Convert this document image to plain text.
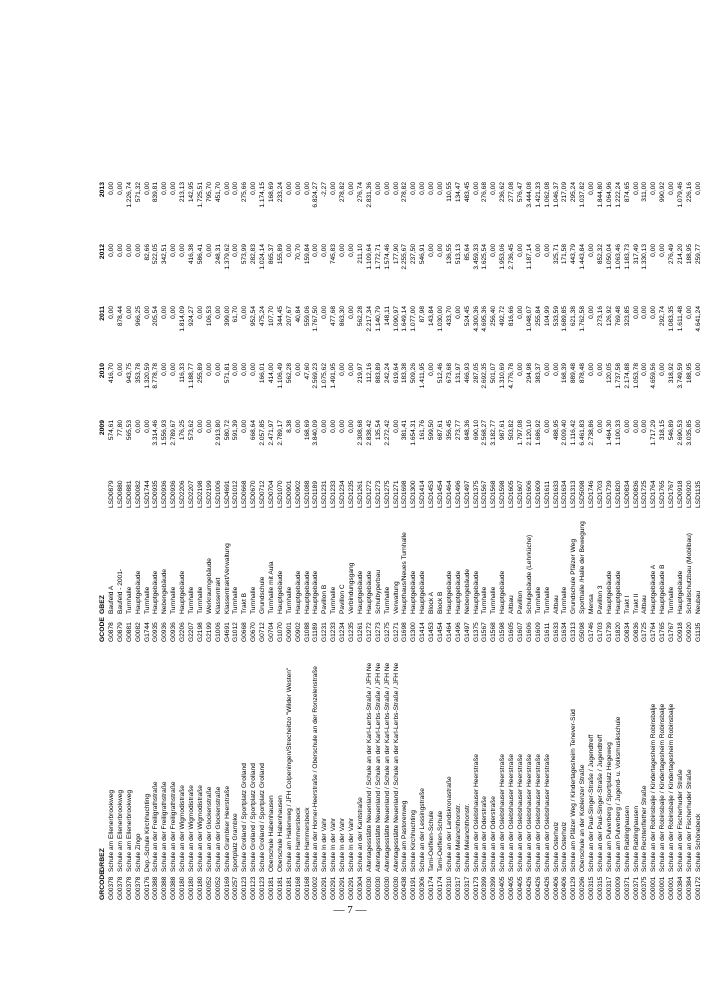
GRCODE
GRBEZ
GCODE
GBEZ
2009
2010
2011
2012
2013
G00378
Schule am Ellenerbrookweg
G0878
Baufeld A
LSD0879
574,61
416,70
0,00
0,00
0,00
G00378
Schule am Ellenerbrookweg
G0879
Baufeld - 2001-
LSD0880
77,80
0,00
878,44
0,00
0,00
G00378
Schule am Ellenerbrookweg
G0881
Turnhalle
LSD0881
565,53
943,75
0,00
0,00
1.226,74
G00378
Schule Zingo
G0082
Hauptgebäude
LSD0082
0,00
353,78
966,25
0,00
571,32
G00176
Dep.-Schule Kirchhuchting
G1744
Turnhalle
LSD1744
0,00
1.320,59
0,00
82,66
0,00
G00388
Schule an der Freiligrathstraße
G0935
Hauptgebäude
LSD0935
3.314,46
8.778,78
205,54
522,05
839,81
G00388
Schule an der Freiligrathstraße
G0936
Nebengebäude
LSD0936
1.556,93
0,00
0,00
342,51
0,00
G00388
Schule an der Freiligrathstraße
G0936
Turnhalle
LSD0936
2.789,67
0,00
0,00
0,00
0,00
G00180
Schule an der Wigmodistraße
G2206
Hauptgebäude
LSD2206
176,25
116,33
1.814,09
0,00
213,13
G00180
Schule an der Wigmodistraße
G2207
Turnhalle
LSD2207
573,62
1.188,77
924,27
416,38
142,95
G00180
Schule an der Wigmodistraße
G2198
Turnhalle
LSD2198
0,00
255,89
0,00
586,41
1.725,51
G00052
Schule an der Glockenstraße
G2199
Werkraumgebäude
LSD2199
0,00
0,00
106,53
0,00
795,70
G00052
Schule an der Glockenstraße
G1006
Klassentrakt
LSD1006
2.913,80
0,00
0,00
248,31
451,70
G00169
Schule Grambker Heerstraße
G4691
Klassentrakt/Verwaltung
LSD4691
580,72
571,81
399,00
1.379,62
0,00
G00257
Sportplatz Grambke
G1012
Turnhalle
LSD1012
591,39
0,00
61,70
0,00
0,00
G00123
Schule Grolland / Sportplatz Grolland
G0668
Trakt B
LSD0668
0,00
0,00
0,00
573,99
275,66
G00123
Schule Grolland / Sportplatz Grolland
G0670
Turnhalle
LSD0670
668,64
0,00
952,54
282,83
0,00
G00123
Schule Grolland / Sportplatz Grolland
G0712
Grundschule
LSD0712
2.057,85
166,01
475,24
1.024,14
1.174,15
G00181
Oberschule Habenhausen
G0704
Turnhalle mit Aula
LSD0704
2.471,97
414,00
107,70
865,37
168,69
G00181
Oberschule Habenhausen
G1070
Hauptgebäude
LSD1070
2.789,17
1.106,49
344,45
155,89
233,24
G00181
Schule am Hallenweg / JFH Colpeningen/Strecheitzo "Wilder Westen"
G0901
Turnhalle
LSD0901
8,38
562,28
207,67
0,00
0,00
G00168
Schule Hammersbeck
G0902
Hauptgebäude
LSD0902
0,00
0,00
40,84
70,70
0,00
G00168
Schule Hammersbeck
G1088
Hauptgebäude
LSD1088
168,69
47,60
559,06
159,84
0,00
G00002
Schule an der Horner-Heerstraße / Oberschule an der Ronzelenstraße
G1189
Hauptgebäude
LSD1189
3.840,09
2.569,23
1.767,50
0,00
6.824,27
G00291
Schule In der Vahr
G1231
Pavillon B
LSD1231
0,00
1.075,62
0,00
0,00
-2,27
G00291
Schule In der Vahr
G1233
Turnhalle
LSD1233
0,00
1.491,95
477,68
745,83
0,00
G00291
Schule In der Vahr
G1234
Pavillon C
LSD1234
0,00
0,00
863,30
0,00
278,82
G00291
Schule In der Vahr
G1235
Verbindungsgang
LSD1235
0,00
0,00
0,00
0,00
0,00
G00304
Schule an der Kantstraße
G1261
Hauptgebäude
LSD1261
2.308,68
219,97
562,28
211,10
276,74
G00030
Altentagesstätte Neuenland / Schule an der Karl-Lerbs-Straße / JFH Ne
G1272
Hauptgebäude
LSD1272
2.838,42
112,16
2.217,34
1.109,64
2.831,36
G00030
Altentagesstätte Neuenland / Schule an der Karl-Lerbs-Straße / JFH Ne
G1273
Schulbyperbau
LSD1273
135,54
883,89
1.140,79
1.772,71
0,00
G00030
Altentagesstätte Neuenland / Schule an der Karl-Lerbs-Straße / JFH Ne
G1275
Turnhalle
LSD1275
2.272,42
242,24
148,11
1.574,46
0,00
G00030
Altentagesstätte Neuenland / Schule an der Karl-Lerbs-Straße / JFH Ne
G1271
Verwaltung
LSD1271
0,00
619,64
1.090,97
177,90
0,00
G00438
Schule am Pastorenweg
G1698
Haupthaus/Neues Turnhalle
LSD1698
381,41
183,38
1.649,14
2.255,67
278,82
G00191
Schule Kirchhuchting
G1300
Hauptgebäude
LSD1300
1.654,31
509,26
1.077,00
237,50
0,00
G00306
Schule an der Lessingstraße
G1414
Hauptgebäude
LSD1414
161,76
1.411,95
87,98
546,91
0,00
G00174
Tami-Oelfken-Schule
G1453
Block A
LSD1453
599,50
0,00
143,84
0,00
0,00
G00174
Tami-Oelfken-Schule
G1454
Block B
LSD1454
687,61
512,46
1.030,00
0,00
0,00
G00310
Schule an der Landskronastraße
G1464
Hauptgebäude
LSD1464
356,45
673,68
433,70
136,55
110,55
G00317
Schule Melanchthonstr.
G1496
Hauptgebäude
LSD1496
273,77
131,97
0,00
513,13
134,47
G00317
Schule Melanchthonstr.
G1497
Nebengebäude
LSD1497
848,36
466,93
524,45
85,64
483,45
G00173
Schule an der Oslebshauser Heerstraße
G1375
Hauptgebäude
LSD1375
690,10
287,05
4.300,36
3.459,33
0,00
G00399
Schule an der Oderstraße
G1567
Turnhalle
LSD1567
2.568,27
2.692,35
4.695,36
1.625,54
276,68
G00399
Schule an der Oderstraße
G1568
Turnhalle
LSD1568
3.182,77
501,07
256,40
0,00
0,00
G00405
Schule an der Oslebshauser Heerstraße
G1598
Hauptgebäude
LSD1598
987,61
1.310,69
492,72
1.953,06
236,62
G00405
Schule an der Oslebshauser Heerstraße
G1605
Altbau
LSD1605
503,82
4.776,78
816,66
2.736,45
277,08
G00405
Schule an der Oslebshauser Heerstraße
G1607
Pavillon
LSD1607
1.797,08
0,00
0,00
0,00
576,47
G00426
Schule an der Oslebshauser Heerstraße
G1606
Schulgebäude (Lehrküche)
LSD1606
2.120,10
294,98
1.048,07
1.187,14
3.444,08
G00426
Schule an der Oslebshauser Heerstraße
G1609
Turnhalle
LSD1609
1.686,92
383,37
255,84
0,00
1.421,33
G00426
Schule an der Oslebshauser Heerstraße
G1611
Turnhalle
LSD1611
0,00
0,00
104,99
0,00
1.062,08
G00406
Schule Osterholz
G1633
Altbau
LSD1633
488,95
0,00
533,59
325,71
1.046,37
G00406
Schule Osterholz
G1634
Turnhalle
LSD1634
2.009,40
168,39
1.689,85
171,58
217,09
G00129
Schule am Pfälzer Weg / Kindertagesheim Tenever-Süd
G1313
Grundschule Pfälzer Weg
LSD1313
1.116,42
889,48
621,38
443,79
295,24
G00296
Oberschule an der Koblenzer Straße
G5098
Sporthalle /Halle der Bewegung
LSD5098
6.461,83
878,48
1.762,58
1.443,84
1.037,82
G00315
Schule an der Paul-Singer-Straße / Jugendtreff
G1746
Mensa
LSD1746
2.738,86
0,00
0,00
0,00
0,00
G00315
Schule an der Paul-Singer-Straße / Jugendtreff
G1703
Pavillon 3
LSD1703
0,00
0,00
273,16
852,32
1.844,80
G00317
Schule am Pulverberg / Sportplatz Hegeweg
G1739
Hauptgebäude
LSD1739
1.464,30
120,05
126,92
1.050,04
1.064,96
G00009
Schule am Pulverberg / Jugend- u. Volksmusikschule
G1820
Hauptgebäude
LSD1820
1.100,33
1.737,58
769,48
1.063,46
1.222,24
G00371
Schule Rablinghausen
G0834
Trakt I
LSD0834
0,00
2.174,88
323,85
1.183,73
874,65
G00371
Schule Rablinghausen
G0836
Trakt II
LSD0836
0,00
1.053,78
0,00
317,49
0,00
G00375
Schule Rechtenflether Straße
G1725
Altbau
LSD1725
0,00
0,00
0,00
1.330,13
311,00
G00001
Schule an der Robinsbalje / Kindertagesheim Robinsbalje
G1764
Hauptgebäude A
LSD1764
1.717,29
4.659,56
0,00
0,00
0,00
G00001
Schule an der Robinsbalje / Kindertagesheim Robinsbalje
G1765
Hauptgebäude B
LSD1765
318,15
0,00
292,74
0,00
990,92
G00001
Schule an der Robinsbalje / Kindertagesheim Robinsbalje
G1767
Turnhalle
LSD1767
546,89
318,92
1.083,35
276,49
0,00
G00384
Schule an der Fischerhuder Straße
G0918
Hauptgebäude
LSD0918
2.690,53
3.749,59
1.611,48
214,20
1.079,46
G00384
Schule an der Fischerhuder Straße
G0920
Schallschutzbau (Mobilbau)
LSD0920
3.035,85
188,95
0,00
188,95
226,16
G00172
Schule Schönebeck
G1135
Neubau
LSD1135
0,00
0,00
4.641,24
259,77
0,00
— 7 —
